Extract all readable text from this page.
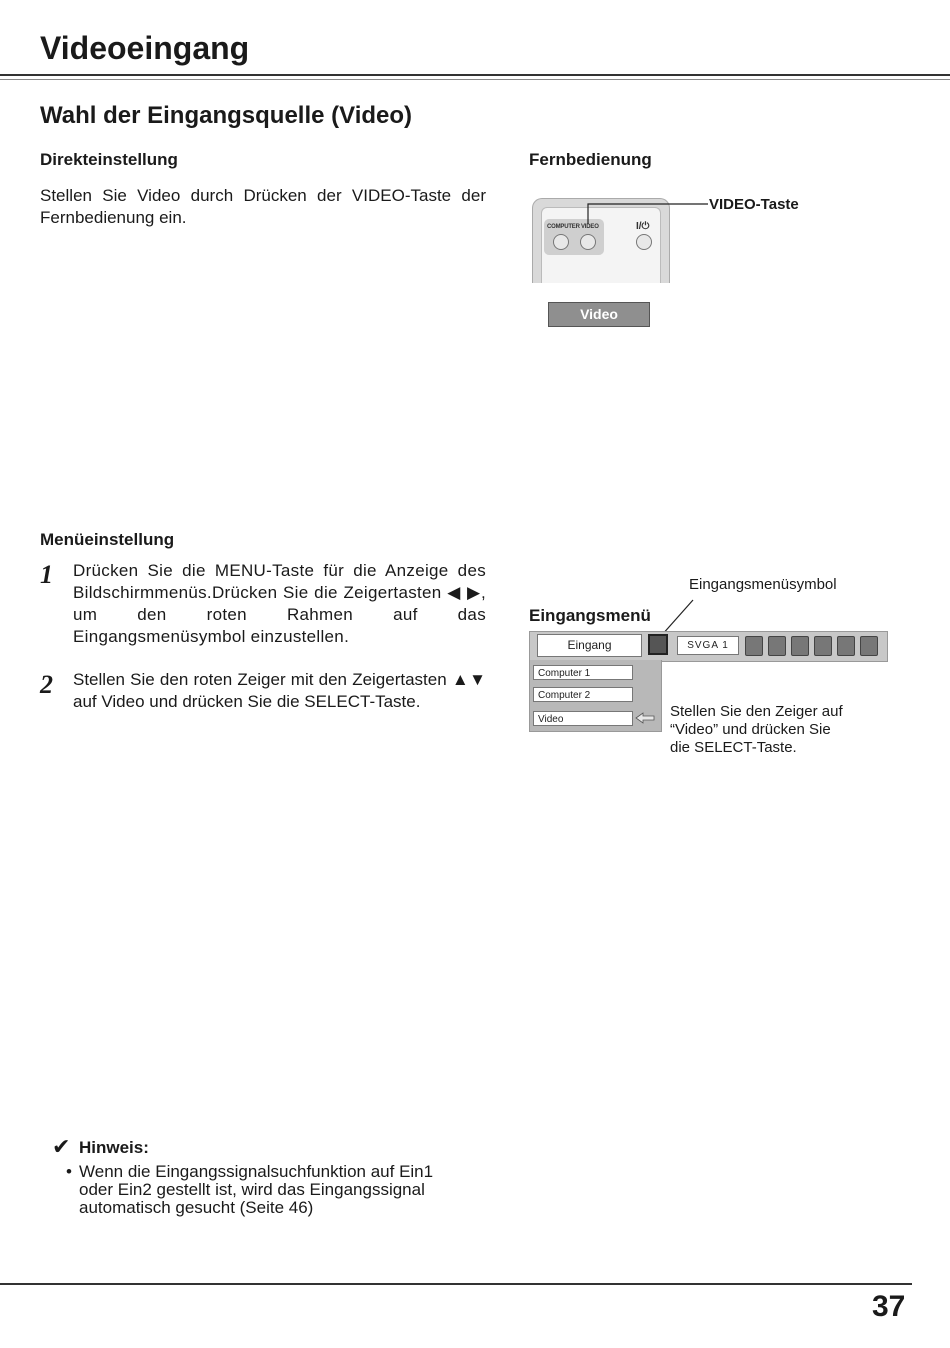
Videoeingang
Wahl der Eingangsquelle (Video)
Direkteinstellung
Stellen Sie Video durch Drücken der VIDEO-Taste der Fernbedienung ein.
Fernbedienung
COMPUTER VIDEO	I/⏻
VIDEO-Taste
Video
Menüeinstellung
1 Drücken Sie die MENU-Taste für die Anzeige des Bildschirmmenüs.Drücken Sie die Zeigertasten ◀ ▶, um den roten Rahmen auf das Eingangsmenüsymbol einzustellen.
2 Stellen Sie den roten Zeiger mit den Zeigertasten ▲▼ auf Video und drücken Sie die SELECT-Taste.
Eingangsmenüsymbol
Eingangsmenü
Eingang	SVGA 1
Computer 1
Computer 2
Video	Stellen Sie den Zeiger auf “Video” und drücken Sie die SELECT-Taste.
✔ Hinweis:
• Wenn die Eingangssignalsuchfunktion auf Ein1 oder Ein2 gestellt ist, wird das Eingangssignal automatisch gesucht (Seite 46)
37
